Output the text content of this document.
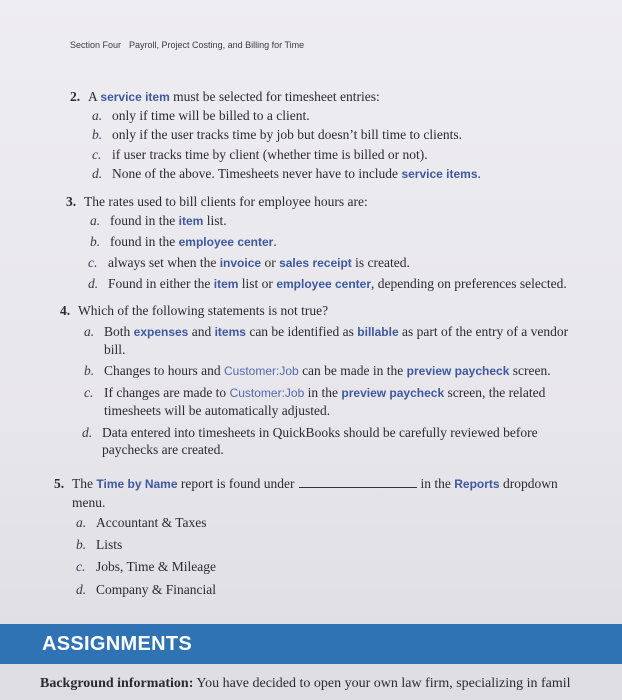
Section Four Payroll, Project Costing, and Billing for Time
2. A service item must be selected for timesheet entries:
a. only if time will be billed to a client.
b. only if the user tracks time by job but doesn’t bill time to clients.
c. if user tracks time by client (whether time is billed or not).
d. None of the above. Timesheets never have to include service items.
3. The rates used to bill clients for employee hours are:
a. found in the item list.
b. found in the employee center.
c. always set when the invoice or sales receipt is created.
d. Found in either the item list or employee center, depending on preferences selected.
4. Which of the following statements is not true?
a. Both expenses and items can be identified as billable as part of the entry of a vendor
bill.
b. Changes to hours and Customer:Job can be made in the preview paycheck screen.
c. If changes are made to Customer:Job in the preview paycheck screen, the related
timesheets will be automatically adjusted.
d. Data entered into timesheets in QuickBooks should be carefully reviewed before
paychecks are created.
5. The Time by Name report is found under	in the Reports dropdown
menu.
a. Accountant & Taxes
b. Lists
c. Jobs, Time & Mileage
d. Company & Financial
ASSIGNMENTS
Background information: You have decided to open your own law firm, specializing in famil
